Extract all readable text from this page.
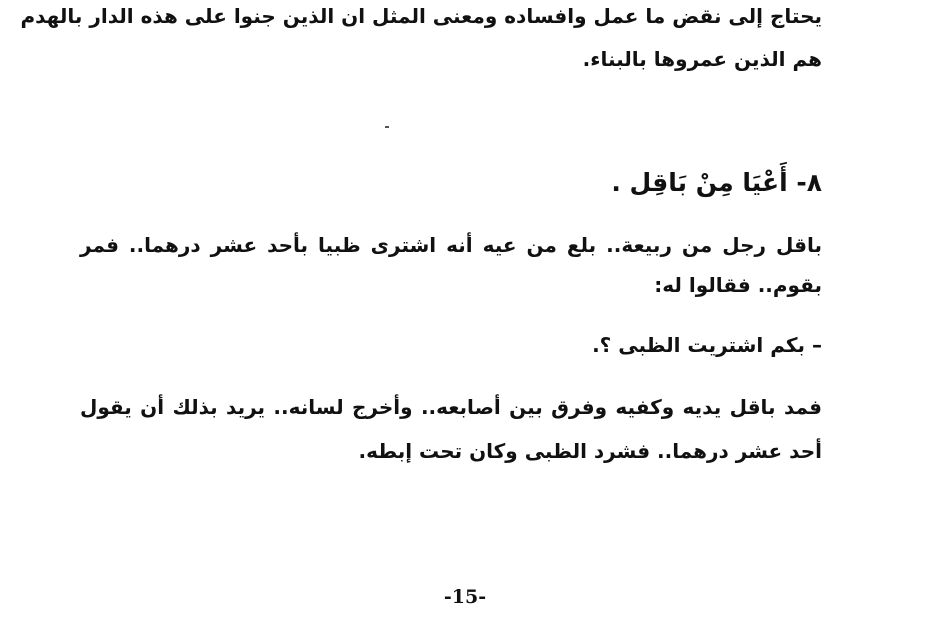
يحتاج إلى نقض ما عمل وافساده ومعنى المثل ان الذين جنوا على هذه الدار بالهدم
هم الذين عمروها بالبناء.
٨- أَعْيَا مِنْ بَاقِل .
باقل رجل من ربيعة.. بلع من عيه أنه اشترى ظبيا بأحد عشر درهما.. فمر
بقوم.. فقالوا له:
– بكم اشتريت الظبى ؟.
فمد باقل يديه وكفيه وفرق بين أصابعه.. وأخرج لسانه.. يريد بذلك أن يقول
أحد عشر درهما.. فشرد الظبى وكان تحت إبطه.
-15-
